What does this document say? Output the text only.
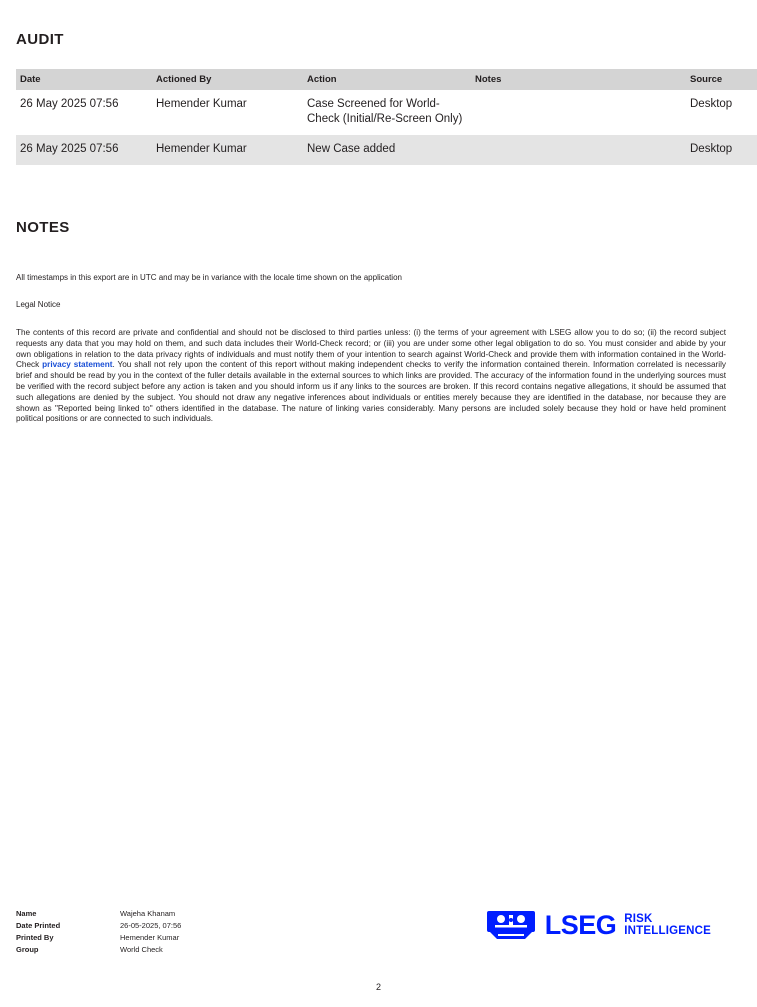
AUDIT
Date	Actioned By	Action	Notes	Source
26 May 2025 07:56	Hemender Kumar	Case Screened for World-Check (Initial/Re-Screen Only)		Desktop
26 May 2025 07:56	Hemender Kumar	New Case added		Desktop
NOTES

All timestamps in this export are in UTC and may be in variance with the locale time shown on the application

Legal Notice

The contents of this record are private and confidential and should not be disclosed to third parties unless: (i) the terms of your agreement with LSEG allow you to do so; (ii) the record subject requests any data that you may hold on them, and such data includes their World-Check record; or (iii) you are under some other legal obligation to do so. You must consider and abide by your own obligations in relation to the data privacy rights of individuals and must notify them of your intention to search against World-Check and provide them with information contained in the World-Check privacy statement. You shall not rely upon the content of this report without making independent checks to verify the information contained therein. Information correlated is necessarily brief and should be read by you in the context of the fuller details available in the external sources to which links are provided. The accuracy of the information found in the underlying sources must be verified with the record subject before any action is taken and you should inform us if any links to the sources are broken. If this record contains negative allegations, it should be assumed that such allegations are denied by the subject. You should not draw any negative inferences about individuals or entities merely because they are identified in the database, nor because they are shown as "Reported being linked to" others identified in the database. The nature of linking varies considerably. Many persons are included solely because they hold or have held prominent political positions or are connected to such individuals.

Name	Wajeha Khanam
Date Printed	26-05-2025, 07:56
Printed By	Hemender Kumar
Group	World Check
LSEG RISK
INTELLIGENCE
2
